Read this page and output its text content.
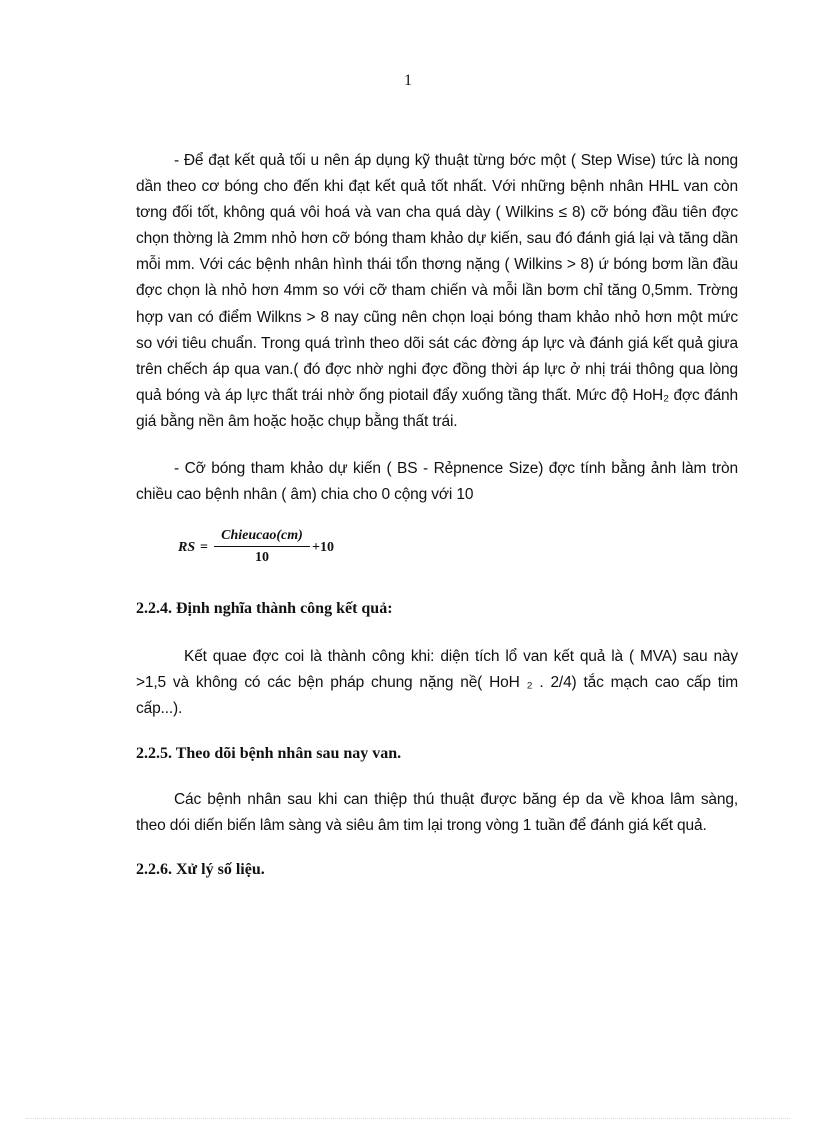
1

- Để đạt kết quả tối u nên áp dụng kỹ thuật từng bớc một ( Step Wise) tức là nong dần theo cơ bóng cho đến khi đạt kết quả tốt nhất. Với những bệnh nhân HHL van còn tơng đối tốt, không quá vôi hoá và van cha quá dày ( Wilkins ≤ 8) cỡ bóng đầu tiên đợc chọn thờng là 2mm nhỏ hơn cỡ bóng tham khảo dự kiến, sau đó đánh giá lại và tăng dần mỗi mm. Với các bệnh nhân hình thái tổn thơng nặng ( Wilkins > 8) ứ bóng bơm lần đầu đợc chọn là nhỏ hơn 4mm so với cỡ tham chiến và mỗi lần bơm chỉ tăng 0,5mm. Trờng hợp van có điểm Wilkns > 8 nay cũng nên chọn loại bóng tham khảo nhỏ hơn một mức so với tiêu chuẩn. Trong quá trình theo dõi sát các đờng áp lực và đánh giá kết quả giưa trên chếch áp qua van.( đó đợc nhờ nghi đợc đồng thời áp lực ở nhị trái thông qua lòng quả bóng và áp lực thất trái nhờ ống piotail đẩy xuống tầng thất. Mức độ HoH₂ đợc đánh giá bằng nền âm hoặc hoặc chụp bằng thất trái.

- Cỡ bóng tham khảo dự kiến ( BS - Rẻpnence Size) đợc tính bằng ảnh làm tròn chiều cao bệnh nhân ( âm) chia cho 0 cộng với 10

RS =
Chieucao(cm)
10
+10
2.2.4. Định nghĩa thành công kết quả:

Kết quae đợc coi là thành công khi: diện tích lổ van kết quả là ( MVA) sau này >1,5 và không có các bện pháp chung nặng nề( HoH ₂ . 2/4) tắc mạch cao cấp tim cấp...).

2.2.5. Theo dõi bệnh nhân sau nay van.

Các bệnh nhân sau khi can thiệp thú thuật được băng ép da về khoa lâm sàng, theo dói diến biến lâm sàng và siêu âm tim lại trong vòng 1 tuần để đánh giá kết quả.

2.2.6. Xử lý số liệu.
